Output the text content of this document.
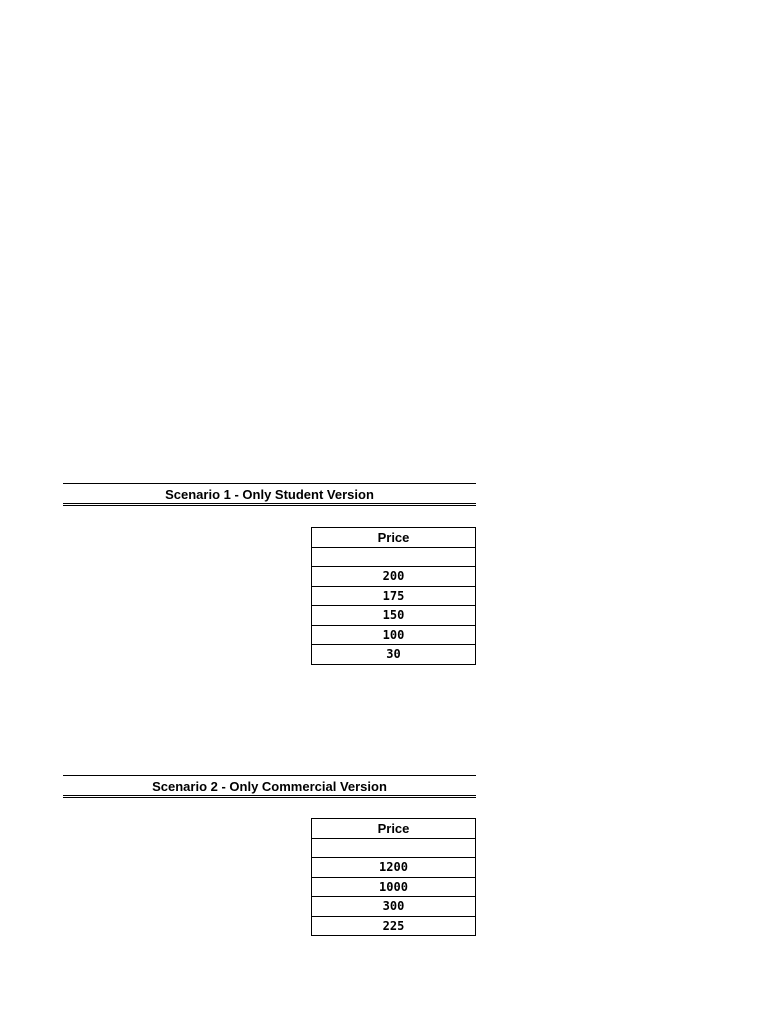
Scenario 1 - Only Student Version
Price

200
175
150
100
30
Scenario 2 - Only Commercial Version
Price

1200
1000
300
225
